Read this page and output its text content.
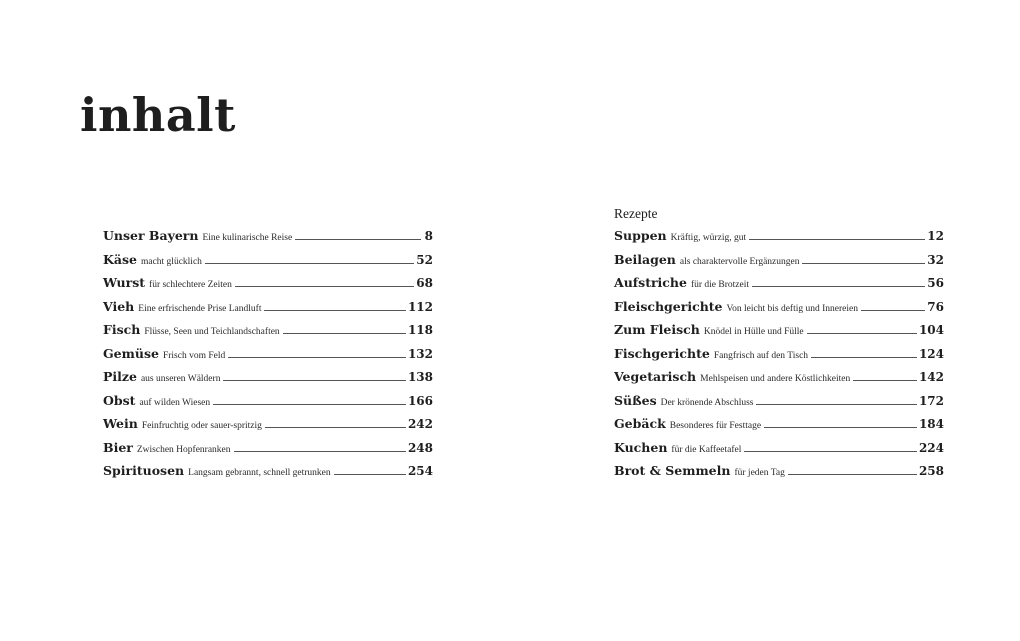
inhalt
Unser Bayern Eine kulinarische Reise	8
Käse macht glücklich	52
Wurst für schlechtere Zeiten	68
Vieh Eine erfrischende Prise Landluft	112
Fisch Flüsse, Seen und Teichlandschaften	118
Gemüse Frisch vom Feld	132
Pilze aus unseren Wäldern	138
Obst auf wilden Wiesen	166
Wein Feinfruchtig oder sauer-spritzig	242
Bier Zwischen Hopfenranken	248
Spirituosen Langsam gebrannt, schnell getrunken	254
Rezepte
Suppen Kräftig, würzig, gut	12
Beilagen als charaktervolle Ergänzungen	32
Aufstriche für die Brotzeit	56
Fleischgerichte Von leicht bis deftig und Innereien	76
Zum Fleisch Knödel in Hülle und Fülle	104
Fischgerichte Fangfrisch auf den Tisch	124
Vegetarisch Mehlspeisen und andere Köstlichkeiten	142
Süßes Der krönende Abschluss	172
Gebäck Besonderes für Festtage	184
Kuchen für die Kaffeetafel	224
Brot & Semmeln für jeden Tag	258
